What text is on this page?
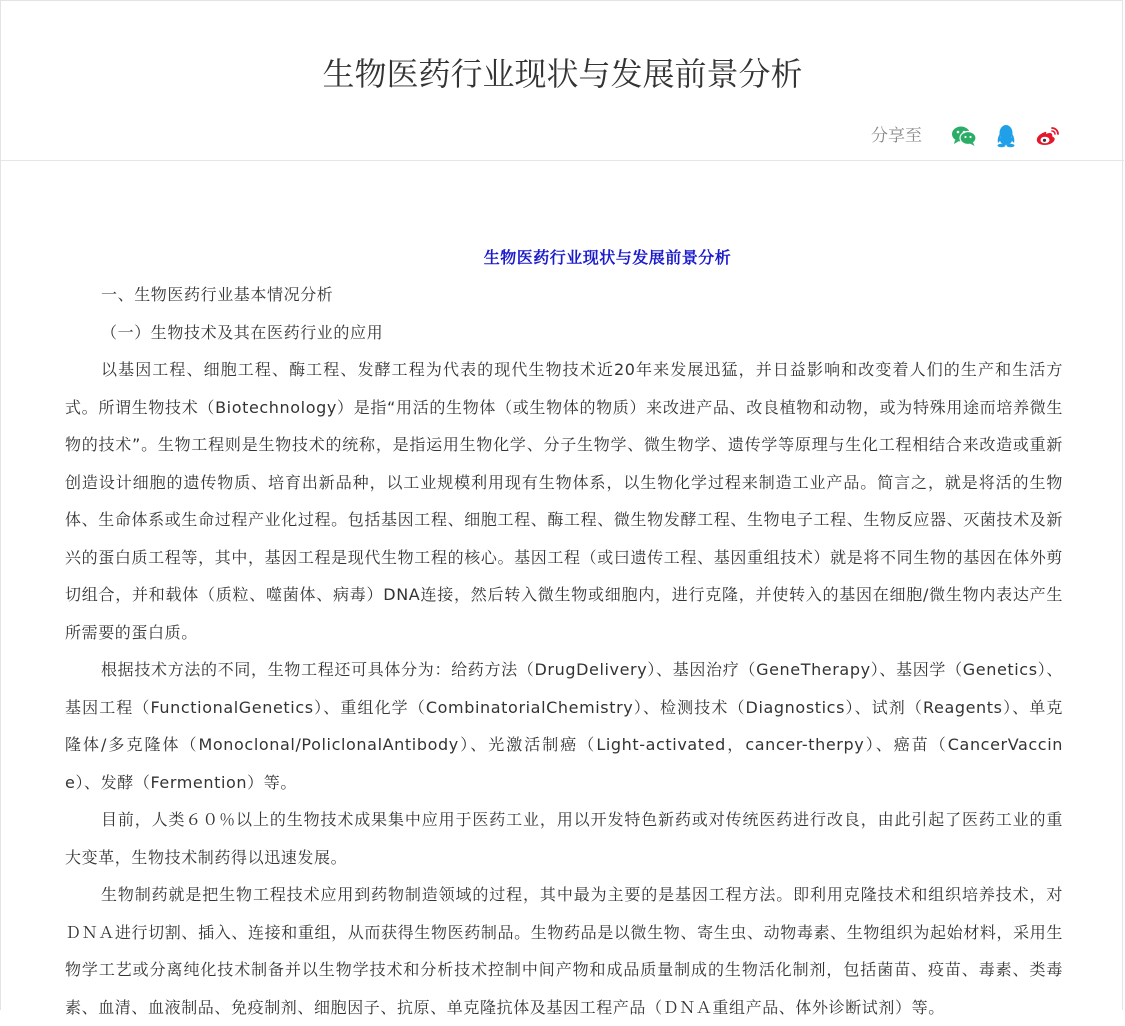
生物医药行业现状与发展前景分析
分享至
生物医药行业现状与发展前景分析

一、生物医药行业基本情况分析

（一）生物技术及其在医药行业的应用

以基因工程、细胞工程、酶工程、发酵工程为代表的现代生物技术近20年来发展迅猛，并日益影响和改变着人们的生产和生活方式。所谓生物技术（Biotechnology）是指“用活的生物体（或生物体的物质）来改进产品、改良植物和动物，或为特殊用途而培养微生物的技术”。生物工程则是生物技术的统称，是指运用生物化学、分子生物学、微生物学、遗传学等原理与生化工程相结合来改造或重新创造设计细胞的遗传物质、培育出新品种，以工业规模利用现有生物体系，以生物化学过程来制造工业产品。简言之，就是将活的生物体、生命体系或生命过程产业化过程。包括基因工程、细胞工程、酶工程、微生物发酵工程、生物电子工程、生物反应器、灭菌技术及新兴的蛋白质工程等，其中，基因工程是现代生物工程的核心。基因工程（或曰遗传工程、基因重组技术）就是将不同生物的基因在体外剪切组合，并和载体（质粒、噬菌体、病毒）DNA连接，然后转入微生物或细胞内，进行克隆，并使转入的基因在细胞/微生物内表达产生所需要的蛋白质。

根据技术方法的不同，生物工程还可具体分为：给药方法（DrugDelivery）、基因治疗（GeneTherapy）、基因学（Genetics）、基因工程（FunctionalGenetics）、重组化学（CombinatorialChemistry）、检测技术（Diagnostics）、试剂（Reagents）、单克隆体/多克隆体（Monoclonal/PoliclonalAntibody）、光激活制癌（Light-activated，cancer-therpy）、癌苗（CancerVaccine）、发酵（Fermention）等。

目前，人类６０％以上的生物技术成果集中应用于医药工业，用以开发特色新药或对传统医药进行改良，由此引起了医药工业的重大变革，生物技术制药得以迅速发展。

生物制药就是把生物工程技术应用到药物制造领域的过程，其中最为主要的是基因工程方法。即利用克隆技术和组织培养技术，对ＤＮＡ进行切割、插入、连接和重组，从而获得生物医药制品。生物药品是以微生物、寄生虫、动物毒素、生物组织为起始材料，采用生物学工艺或分离纯化技术制备并以生物学技术和分析技术控制中间产物和成品质量制成的生物活化制剂，包括菌苗、疫苗、毒素、类毒素、血清、血液制品、免疫制剂、细胞因子、抗原、单克隆抗体及基因工程产品（ＤＮＡ重组产品、体外诊断试剂）等。
